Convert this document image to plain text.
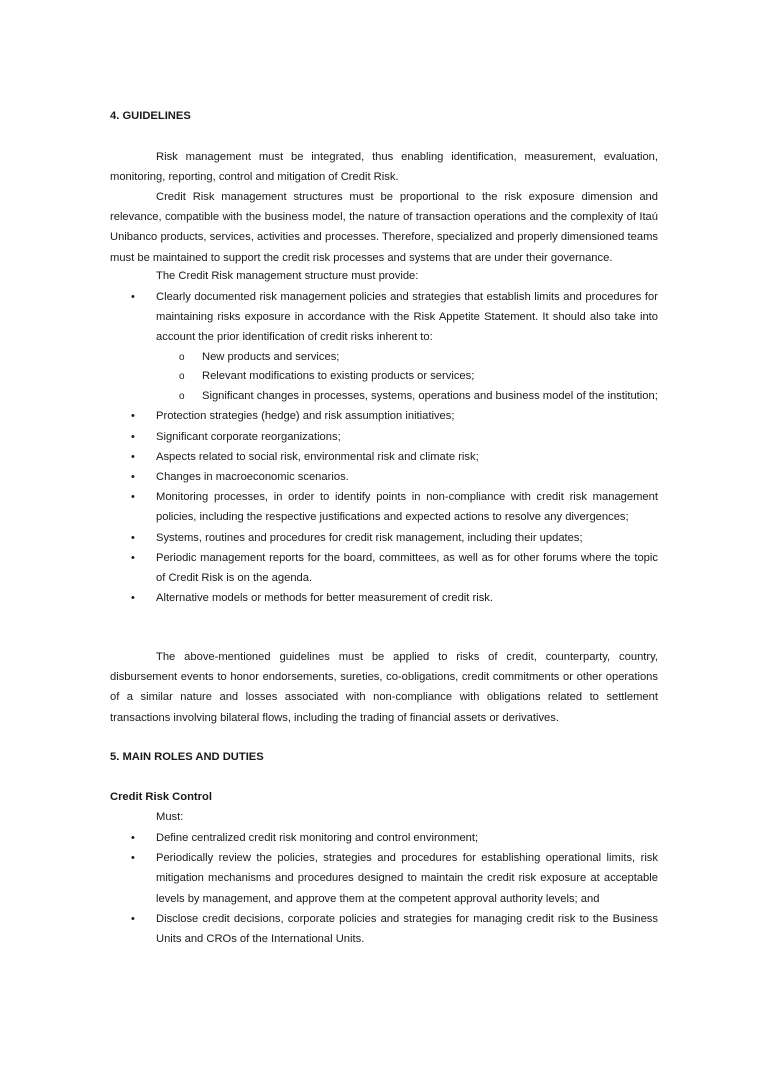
4. GUIDELINES
Risk management must be integrated, thus enabling identification, measurement, evaluation, monitoring, reporting, control and mitigation of Credit Risk.
Credit Risk management structures must be proportional to the risk exposure dimension and relevance, compatible with the business model, the nature of transaction operations and the complexity of Itaú Unibanco products, services, activities and processes. Therefore, specialized and properly dimensioned teams must be maintained to support the credit risk processes and systems that are under their governance.
The Credit Risk management structure must provide:
• Clearly documented risk management policies and strategies that establish limits and procedures for maintaining risks exposure in accordance with the Risk Appetite Statement. It should also take into account the prior identification of credit risks inherent to:
o New products and services;
o Relevant modifications to existing products or services;
o Significant changes in processes, systems, operations and business model of the institution;
• Protection strategies (hedge) and risk assumption initiatives;
• Significant corporate reorganizations;
• Aspects related to social risk, environmental risk and climate risk;
• Changes in macroeconomic scenarios.
• Monitoring processes, in order to identify points in non-compliance with credit risk management policies, including the respective justifications and expected actions to resolve any divergences;
• Systems, routines and procedures for credit risk management, including their updates;
• Periodic management reports for the board, committees, as well as for other forums where the topic of Credit Risk is on the agenda.
• Alternative models or methods for better measurement of credit risk.
The above-mentioned guidelines must be applied to risks of credit, counterparty, country, disbursement events to honor endorsements, sureties, co-obligations, credit commitments or other operations of a similar nature and losses associated with non-compliance with obligations related to settlement transactions involving bilateral flows, including the trading of financial assets or derivatives.
5. MAIN ROLES AND DUTIES
Credit Risk Control
Must:
• Define centralized credit risk monitoring and control environment;
• Periodically review the policies, strategies and procedures for establishing operational limits, risk mitigation mechanisms and procedures designed to maintain the credit risk exposure at acceptable levels by management, and approve them at the competent approval authority levels; and
• Disclose credit decisions, corporate policies and strategies for managing credit risk to the Business Units and CROs of the International Units.
